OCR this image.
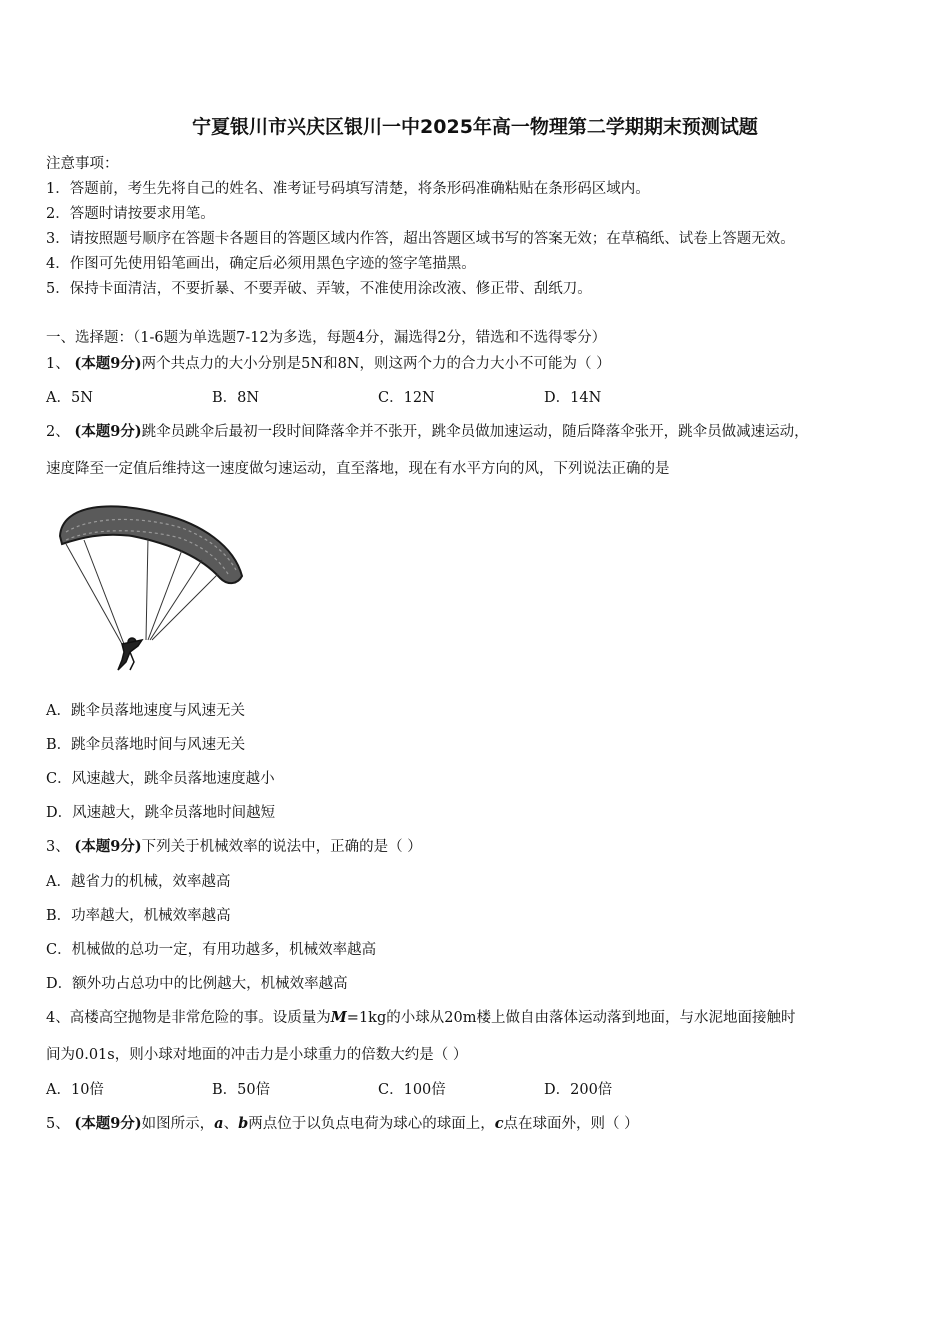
宁夏银川市兴庆区银川一中2025年高一物理第二学期期末预测试题
注意事项：
1．答题前，考生先将自己的姓名、准考证号码填写清楚，将条形码准确粘贴在条形码区域内。
2．答题时请按要求用笔。
3．请按照题号顺序在答题卡各题目的答题区域内作答，超出答题区域书写的答案无效；在草稿纸、试卷上答题无效。
4．作图可先使用铅笔画出，确定后必须用黑色字迹的签字笔描黑。
5．保持卡面清洁，不要折暴、不要弄破、弄皱，不准使用涂改液、修正带、刮纸刀。
一、选择题：（1-6题为单选题7-12为多选，每题4分，漏选得2分，错选和不选得零分）
1、 (本题9分)两个共点力的大小分别是5N和8N，则这两个力的合力大小不可能为（ ）
A．5N	B．8N	C．12N	D．14N
2、 (本题9分)跳伞员跳伞后最初一段时间降落伞并不张开，跳伞员做加速运动，随后降落伞张开，跳伞员做减速运动，
速度降至一定值后维持这一速度做匀速运动，直至落地，现在有水平方向的风，下列说法正确的是
A．跳伞员落地速度与风速无关
B．跳伞员落地时间与风速无关
C．风速越大，跳伞员落地速度越小
D．风速越大，跳伞员落地时间越短
3、 (本题9分)下列关于机械效率的说法中，正确的是（ ）
A．越省力的机械，效率越高
B．功率越大，机械效率越高
C．机械做的总功一定，有用功越多，机械效率越高
D．额外功占总功中的比例越大，机械效率越高
4、高楼高空抛物是非常危险的事。设质量为M=1kg的小球从20m楼上做自由落体运动落到地面，与水泥地面接触时
间为0.01s，则小球对地面的冲击力是小球重力的倍数大约是（ ）
A．10倍	B．50倍	C．100倍	D．200倍
5、 (本题9分)如图所示，a、b两点位于以负点电荷为球心的球面上，c点在球面外，则（ ）
